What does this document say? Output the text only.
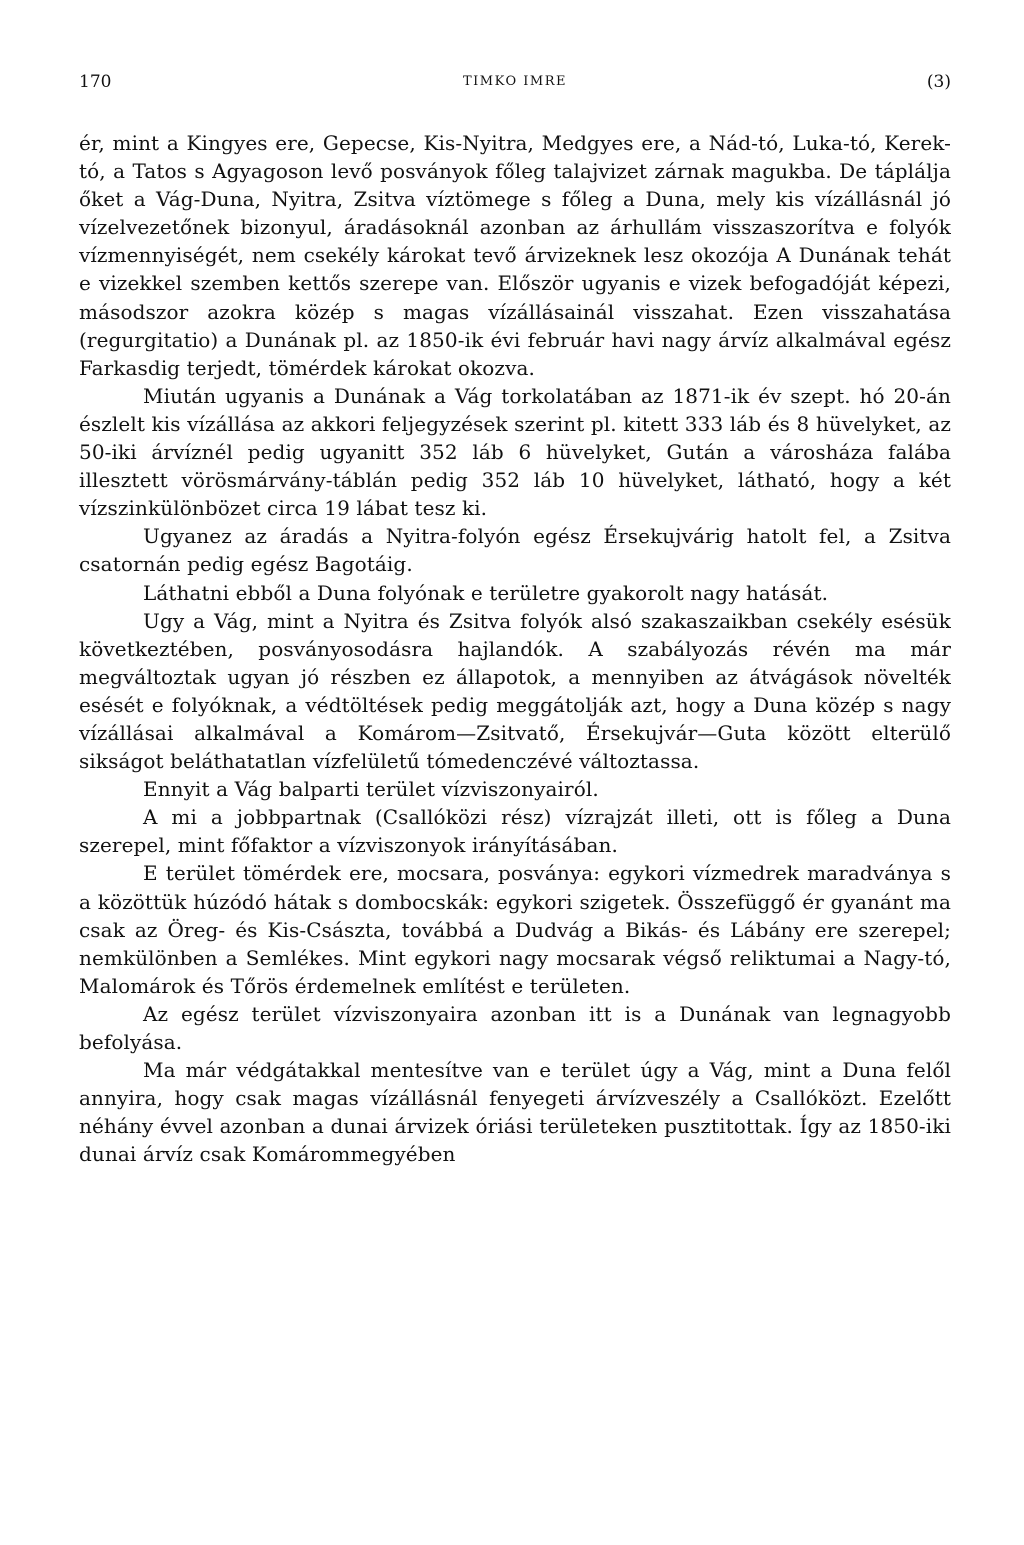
170	TIMKO IMRE	(3)

ér, mint a Kingyes ere, Gepecse, Kis-Nyitra, Medgyes ere, a Nád-tó, Luka-tó, Kerek-tó, a Tatos s Agyagoson levő posványok főleg talajvizet zárnak magukba. De táplálja őket a Vág-Duna, Nyitra, Zsitva víztömege s főleg a Duna, mely kis vízállásnál jó vízelvezetőnek bizonyul, áradásoknál azonban az árhullám visszaszorítva e folyók vízmennyiségét, nem csekély károkat tevő árvizeknek lesz okozója A Dunának tehát e vizekkel szemben kettős szerepe van. Először ugyanis e vizek befogadóját képezi, másodszor azokra közép s magas vízállásainál visszahat. Ezen visszahatása (regurgitatio) a Dunának pl. az 1850-ik évi február havi nagy árvíz alkalmával egész Farkasdig terjedt, tömérdek károkat okozva.

Miután ugyanis a Dunának a Vág torkolatában az 1871-ik év szept. hó 20-án észlelt kis vízállása az akkori feljegyzések szerint pl. kitett 333 láb és 8 hüvelyket, az 50-iki árvíznél pedig ugyanitt 352 láb 6 hüvelyket, Gután a városháza falába illesztett vörösmárvány-táblán pedig 352 láb 10 hüvelyket, látható, hogy a két vízszinkülönbözet circa 19 lábat tesz ki.

Ugyanez az áradás a Nyitra-folyón egész Érsekujvárig hatolt fel, a Zsitva csatornán pedig egész Bagotáig.

Láthatni ebből a Duna folyónak e területre gyakorolt nagy hatását.

Ugy a Vág, mint a Nyitra és Zsitva folyók alsó szakaszaikban csekély esésük következtében, posványosodásra hajlandók. A szabályozás révén ma már megváltoztak ugyan jó részben ez állapotok, a mennyiben az átvágások növelték esését e folyóknak, a védtöltések pedig meggátolják azt, hogy a Duna közép s nagy vízállásai alkalmával a Komárom—Zsitvatő, Érsekujvár—Guta között elterülő sikságot beláthatatlan vízfelületű tómedenczévé változtassa.

Ennyit a Vág balparti terület vízviszonyairól.

A mi a jobbpartnak (Csallóközi rész) vízrajzát illeti, ott is főleg a Duna szerepel, mint főfaktor a vízviszonyok irányításában.

E terület tömérdek ere, mocsara, posványa: egykori vízmedrek maradványa s a közöttük húzódó hátak s dombocskák: egykori szigetek. Összefüggő ér gyanánt ma csak az Öreg- és Kis-Császta, továbbá a Dudvág a Bikás- és Lábány ere szerepel; nemkülönben a Semlékes. Mint egykori nagy mocsarak végső reliktumai a Nagy-tó, Malomárok és Tőrös érdemelnek említést e területen.

Az egész terület vízviszonyaira azonban itt is a Dunának van legnagyobb befolyása.

Ma már védgátakkal mentesítve van e terület úgy a Vág, mint a Duna felől annyira, hogy csak magas vízállásnál fenyegeti árvízveszély a Csallóközt. Ezelőtt néhány évvel azonban a dunai árvizek óriási területeken pusztitottak. Így az 1850-iki dunai árvíz csak Komárommegyében
